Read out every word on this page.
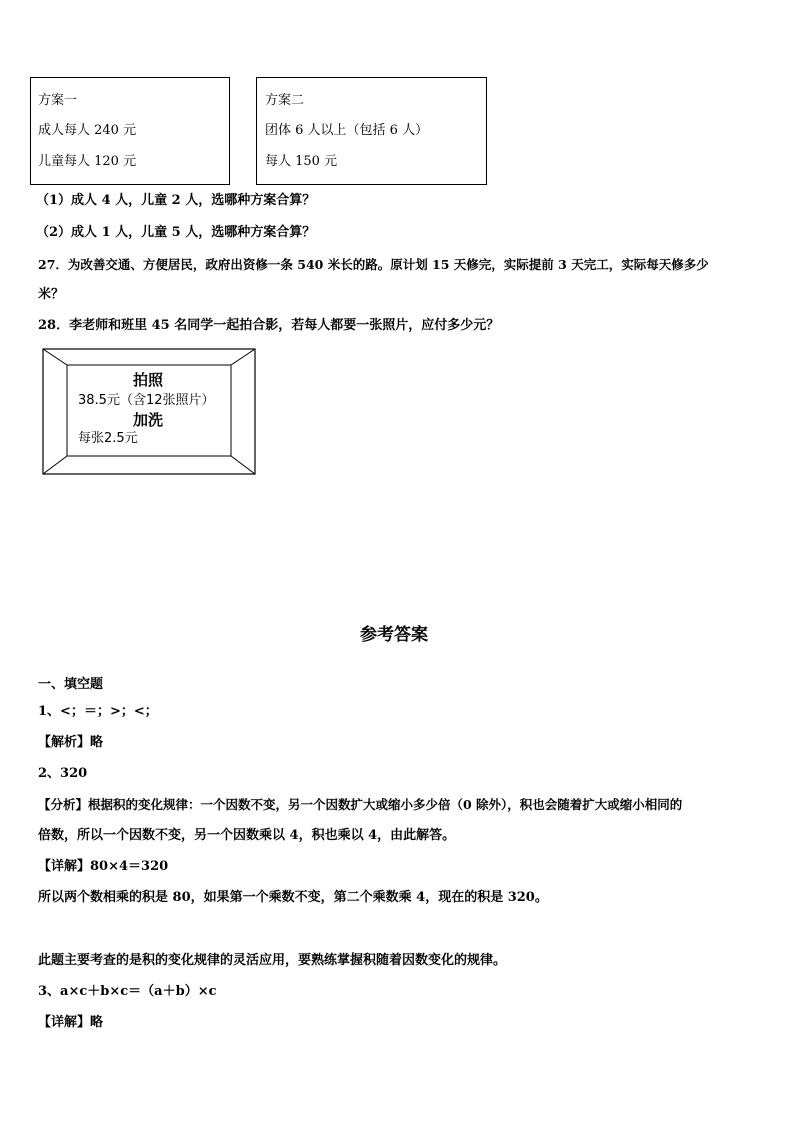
方案一
成人每人 240 元
儿童每人 120 元
方案二
团体 6 人以上（包括 6 人）
每人 150 元
（1）成人 4 人，儿童 2 人，选哪种方案合算？
（2）成人 1 人，儿童 5 人，选哪种方案合算？
27．为改善交通、方便居民，政府出资修一条 540 米长的路。原计划 15 天修完，实际提前 3 天完工，实际每天修多少
米？
28．李老师和班里 45 名同学一起拍合影，若每人都要一张照片，应付多少元？
拍照
38.5元（含12张照片）
加洗
每张2.5元
参考答案
一、填空题
1、<；＝；>；<；
【解析】略
2、320
【分析】根据积的变化规律：一个因数不变，另一个因数扩大或缩小多少倍（0 除外），积也会随着扩大或缩小相同的
倍数，所以一个因数不变，另一个因数乘以 4，积也乘以 4，由此解答。
【详解】80×4＝320
所以两个数相乘的积是 80，如果第一个乘数不变，第二个乘数乘 4，现在的积是 320。
此题主要考查的是积的变化规律的灵活应用，要熟练掌握积随着因数变化的规律。
3、a×c＋b×c＝（a＋b）×c
【详解】略
